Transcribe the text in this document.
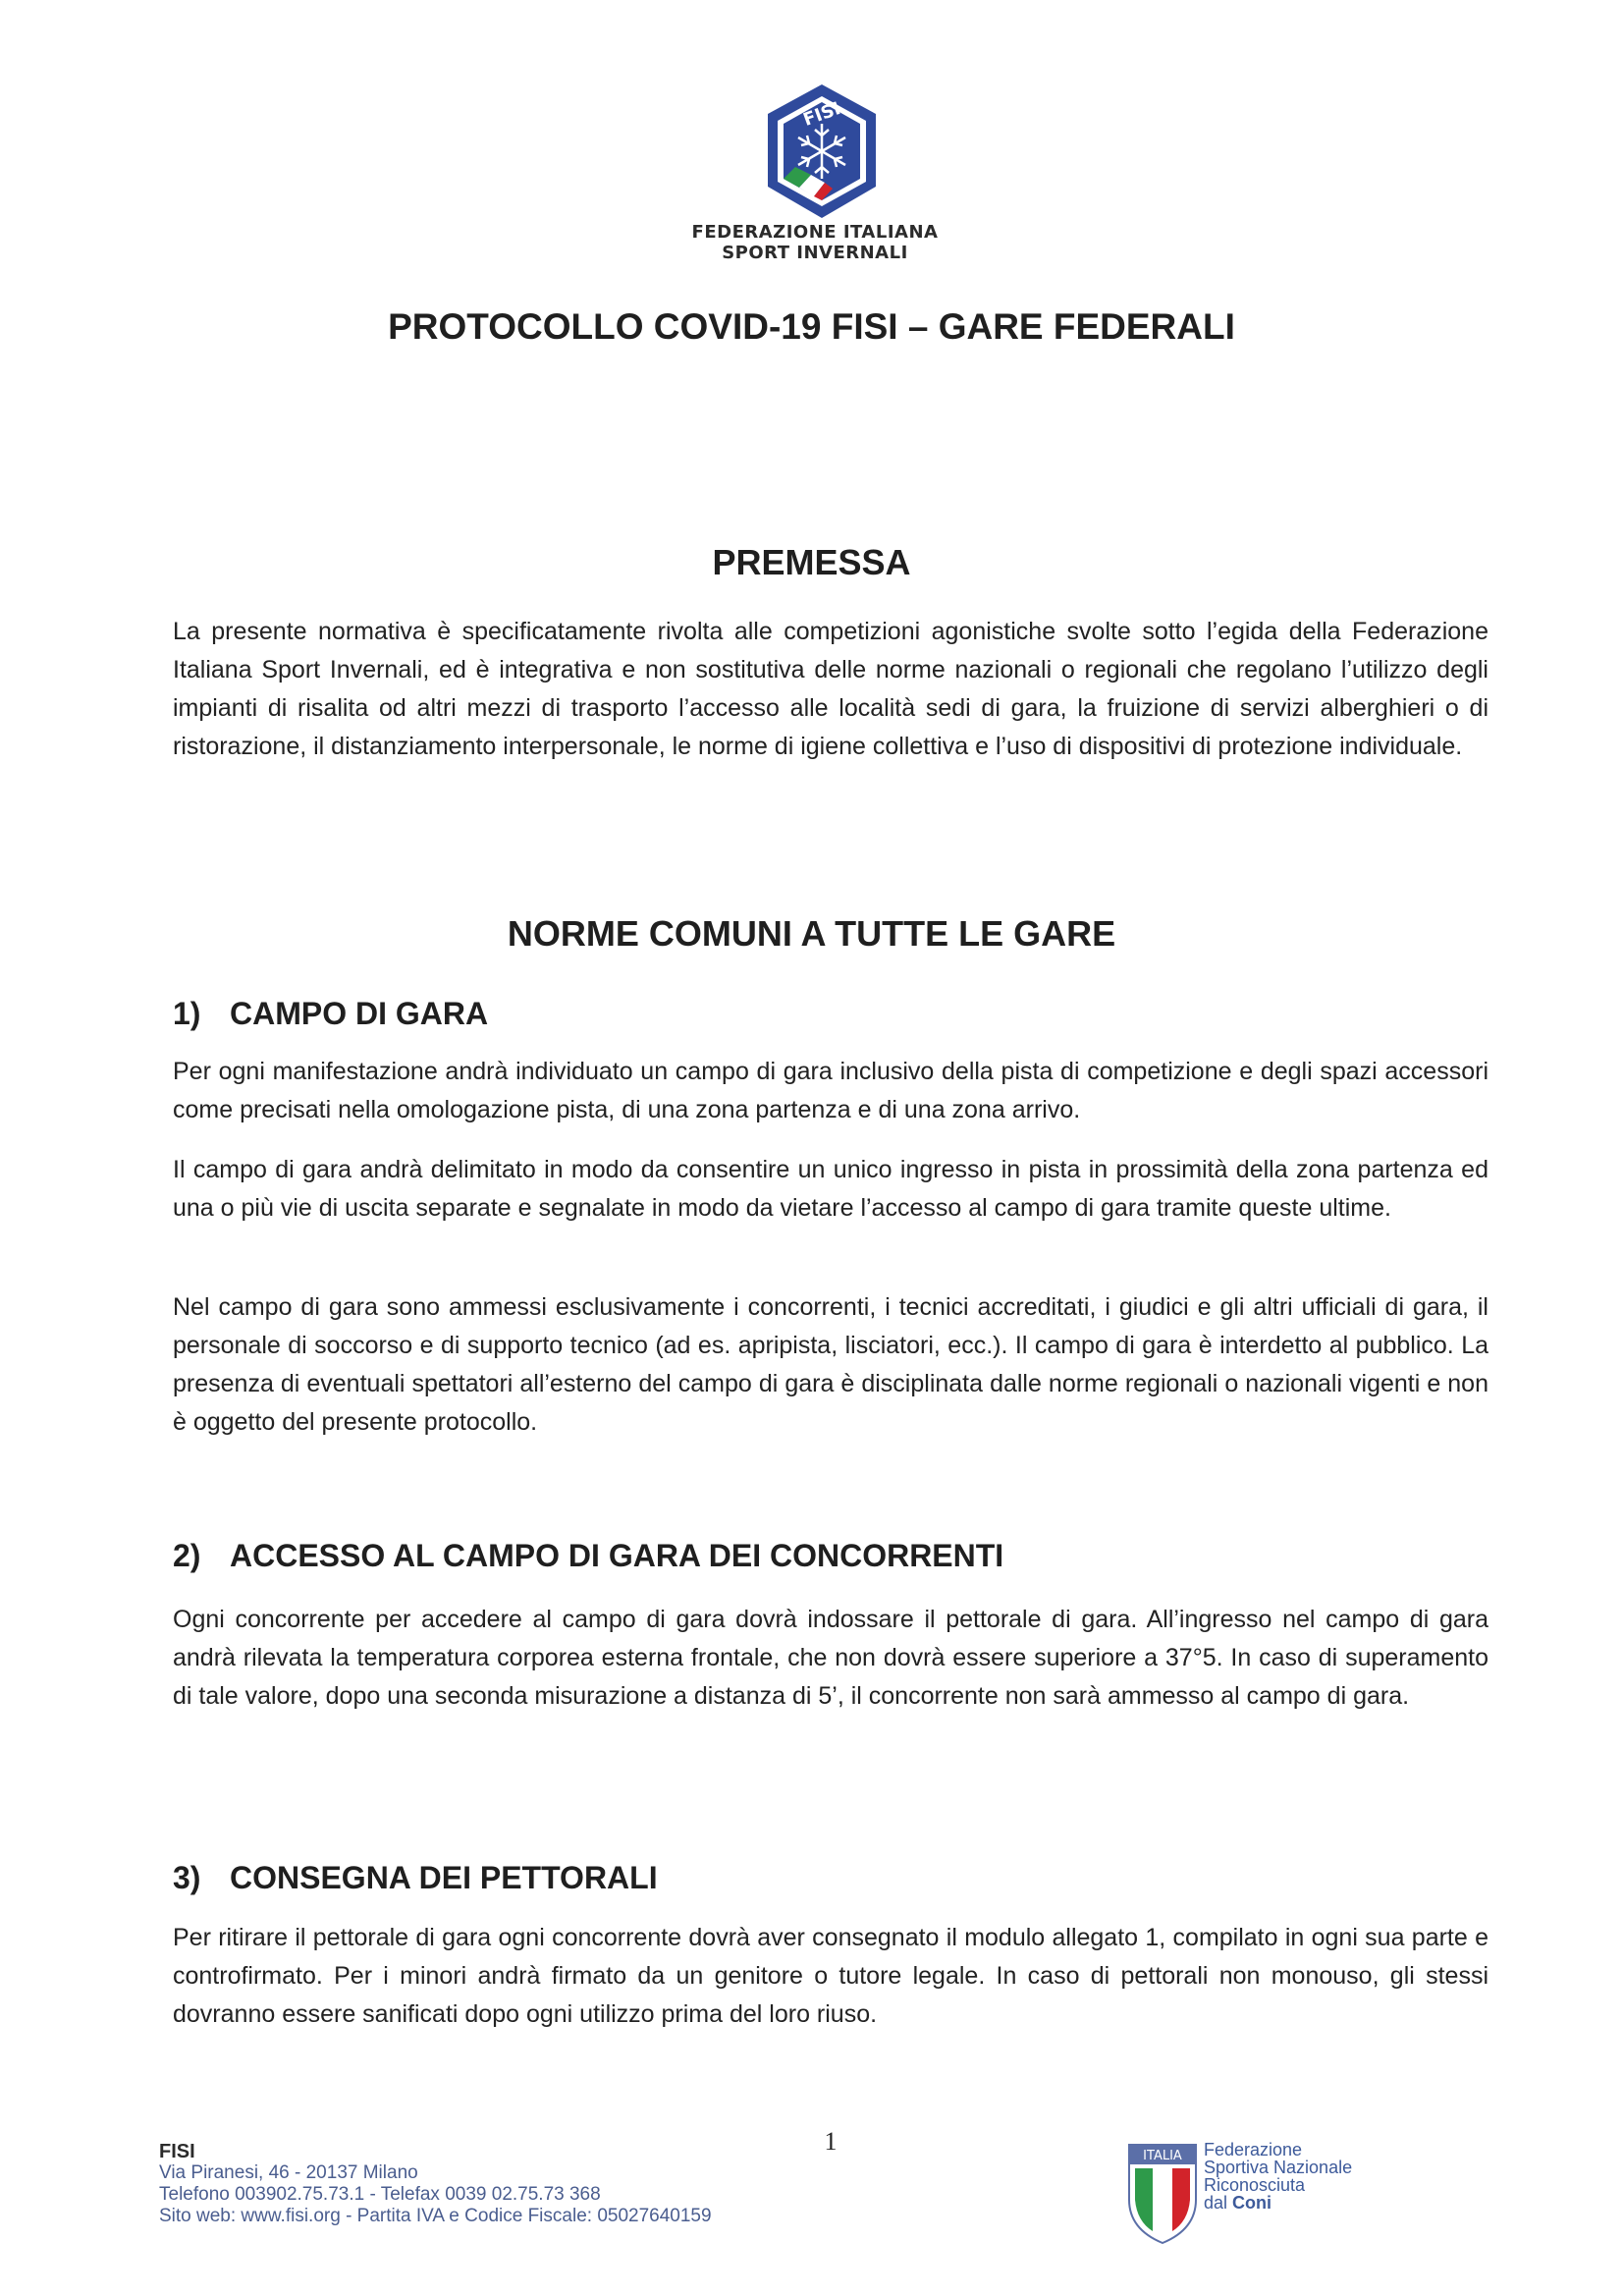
FISI
FEDERAZIONE ITALIANA
SPORT INVERNALI
PROTOCOLLO COVID-19 FISI – GARE FEDERALI
PREMESSA

La presente normativa è specificatamente rivolta alle competizioni agonistiche svolte sotto l’egida della Federazione Italiana Sport Invernali, ed è integrativa e non sostitutiva delle norme nazionali o regionali che regolano l’utilizzo degli impianti di risalita od altri mezzi di trasporto l’accesso alle località sedi di gara, la fruizione di servizi alberghieri o di ristorazione, il distanziamento interpersonale, le norme di igiene collettiva e l’uso di dispositivi di protezione individuale.

NORME COMUNI A TUTTE LE GARE
1) CAMPO DI GARA

Per ogni manifestazione andrà individuato un campo di gara inclusivo della pista di competizione e degli spazi accessori come precisati nella omologazione pista, di una zona partenza e di una zona arrivo.

Il campo di gara andrà delimitato in modo da consentire un unico ingresso in pista in prossimità della zona partenza ed una o più vie di uscita separate e segnalate in modo da vietare l’accesso al campo di gara tramite queste ultime.

Nel campo di gara sono ammessi esclusivamente i concorrenti, i tecnici accreditati, i giudici e gli altri ufficiali di gara, il personale di soccorso e di supporto tecnico (ad es. apripista, lisciatori, ecc.). Il campo di gara è interdetto al pubblico. La presenza di eventuali spettatori all’esterno del campo di gara è disciplinata dalle norme regionali o nazionali vigenti e non è oggetto del presente protocollo.

2) ACCESSO AL CAMPO DI GARA DEI CONCORRENTI

Ogni concorrente per accedere al campo di gara dovrà indossare il pettorale di gara. All’ingresso nel campo di gara andrà rilevata la temperatura corporea esterna frontale, che non dovrà essere superiore a 37°5. In caso di superamento di tale valore, dopo una seconda misurazione a distanza di 5’, il concorrente non sarà ammesso al campo di gara.

3) CONSEGNA DEI PETTORALI

Per ritirare il pettorale di gara ogni concorrente dovrà aver consegnato il modulo allegato 1, compilato in ogni sua parte e controfirmato. Per i minori andrà firmato da un genitore o tutore legale. In caso di pettorali non monouso, gli stessi dovranno essere sanificati dopo ogni utilizzo prima del loro riuso.

1
FISI
Via Piranesi, 46 - 20137 Milano
Telefono 003902.75.73.1 - Telefax 0039 02.75.73 368
Sito web: www.fisi.org - Partita IVA e Codice Fiscale: 05027640159
ITALIA Federazione
Sportiva Nazionale
Riconosciuta
dal Coni
